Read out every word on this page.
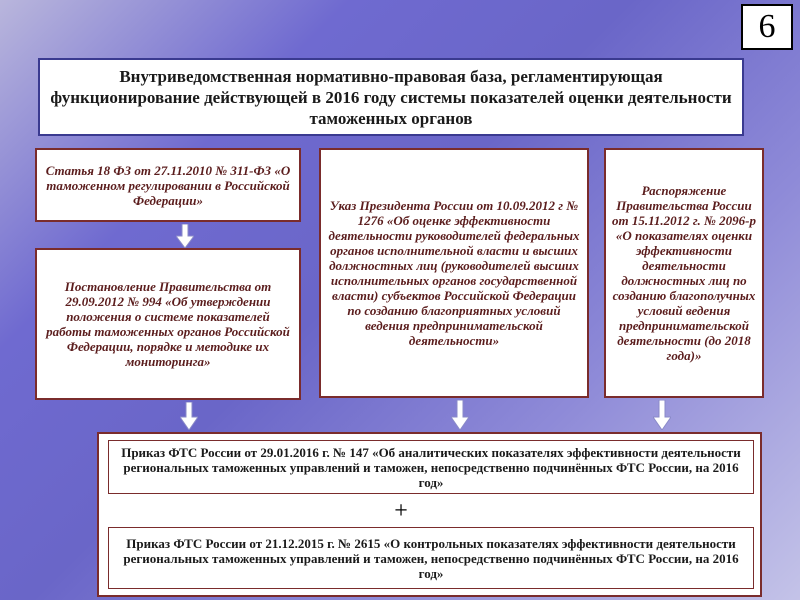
6
Внутриведомственная нормативно-правовая база, регламентирующая функционирование действующей в 2016 году системы показателей оценки деятельности таможенных органов
Статья 18 ФЗ от 27.11.2010 № 311-ФЗ «О таможенном регулировании в Российской Федерации»
Постановление Правительства от 29.09.2012 № 994 «Об утверждении положения о системе показателей работы таможенных органов Российской Федерации, порядке и методике их мониторинга»
Указ Президента России от 10.09.2012 г № 1276 «Об оценке эффективности деятельности руководителей федеральных органов исполнительной власти и высших должностных лиц (руководителей высших исполнительных органов государственной власти) субъектов Российской Федерации по созданию благоприятных условий ведения предпринимательской деятельности»
Распоряжение Правительства России от 15.11.2012 г. № 2096-р «О показателях оценки эффективности деятельности должностных лиц по созданию благополучных условий ведения предпринимательской деятельности (до 2018 года)»
Приказ ФТС России от 29.01.2016 г. № 147 «Об аналитических показателях эффективности деятельности региональных таможенных управлений и таможен, непосредственно подчинённых ФТС России, на 2016 год»
+
Приказ ФТС России от 21.12.2015 г. № 2615 «О контрольных показателях эффективности деятельности региональных таможенных управлений и таможен, непосредственно подчинённых ФТС России, на 2016 год»
